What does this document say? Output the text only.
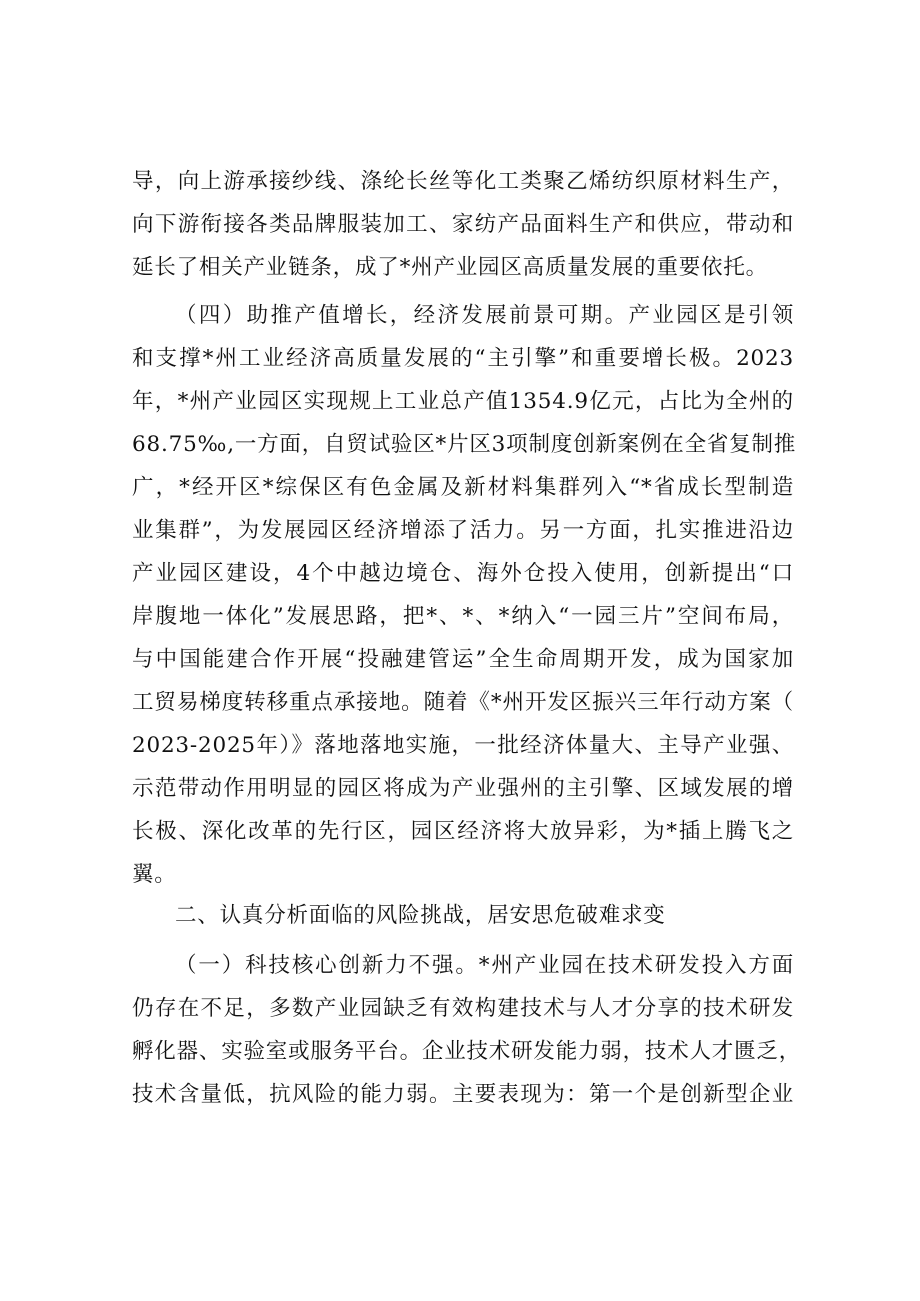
导，向上游承接纱线、涤纶长丝等化工类聚乙烯纺织原材料生产，
向下游衔接各类品牌服装加工、家纺产品面料生产和供应，带动和
延长了相关产业链条，成了*州产业园区高质量发展的重要依托。
（四）助推产值增长，经济发展前景可期。产业园区是引领
和支撑*州工业经济高质量发展的“主引擎”和重要增长极。2023
年，*州产业园区实现规上工业总产值1354.9亿元，占比为全州的
68.75‰,一方面，自贸试验区*片区3项制度创新案例在全省复制推
广，*经开区*综保区有色金属及新材料集群列入“*省成长型制造
业集群”，为发展园区经济增添了活力。另一方面，扎实推进沿边
产业园区建设，4个中越边境仓、海外仓投入使用，创新提出“口
岸腹地一体化”发展思路，把*、*、*纳入“一园三片”空间布局，
与中国能建合作开展“投融建管运”全生命周期开发，成为国家加
工贸易梯度转移重点承接地。随着《*州开发区振兴三年行动方案（
2023-2025年）》落地落地实施，一批经济体量大、主导产业强、
示范带动作用明显的园区将成为产业强州的主引擎、区域发展的增
长极、深化改革的先行区，园区经济将大放异彩，为*插上腾飞之
翼。
二、认真分析面临的风险挑战，居安思危破难求变
（一）科技核心创新力不强。*州产业园在技术研发投入方面
仍存在不足，多数产业园缺乏有效构建技术与人才分享的技术研发
孵化器、实验室或服务平台。企业技术研发能力弱，技术人才匮乏，
技术含量低，抗风险的能力弱。主要表现为：第一个是创新型企业
